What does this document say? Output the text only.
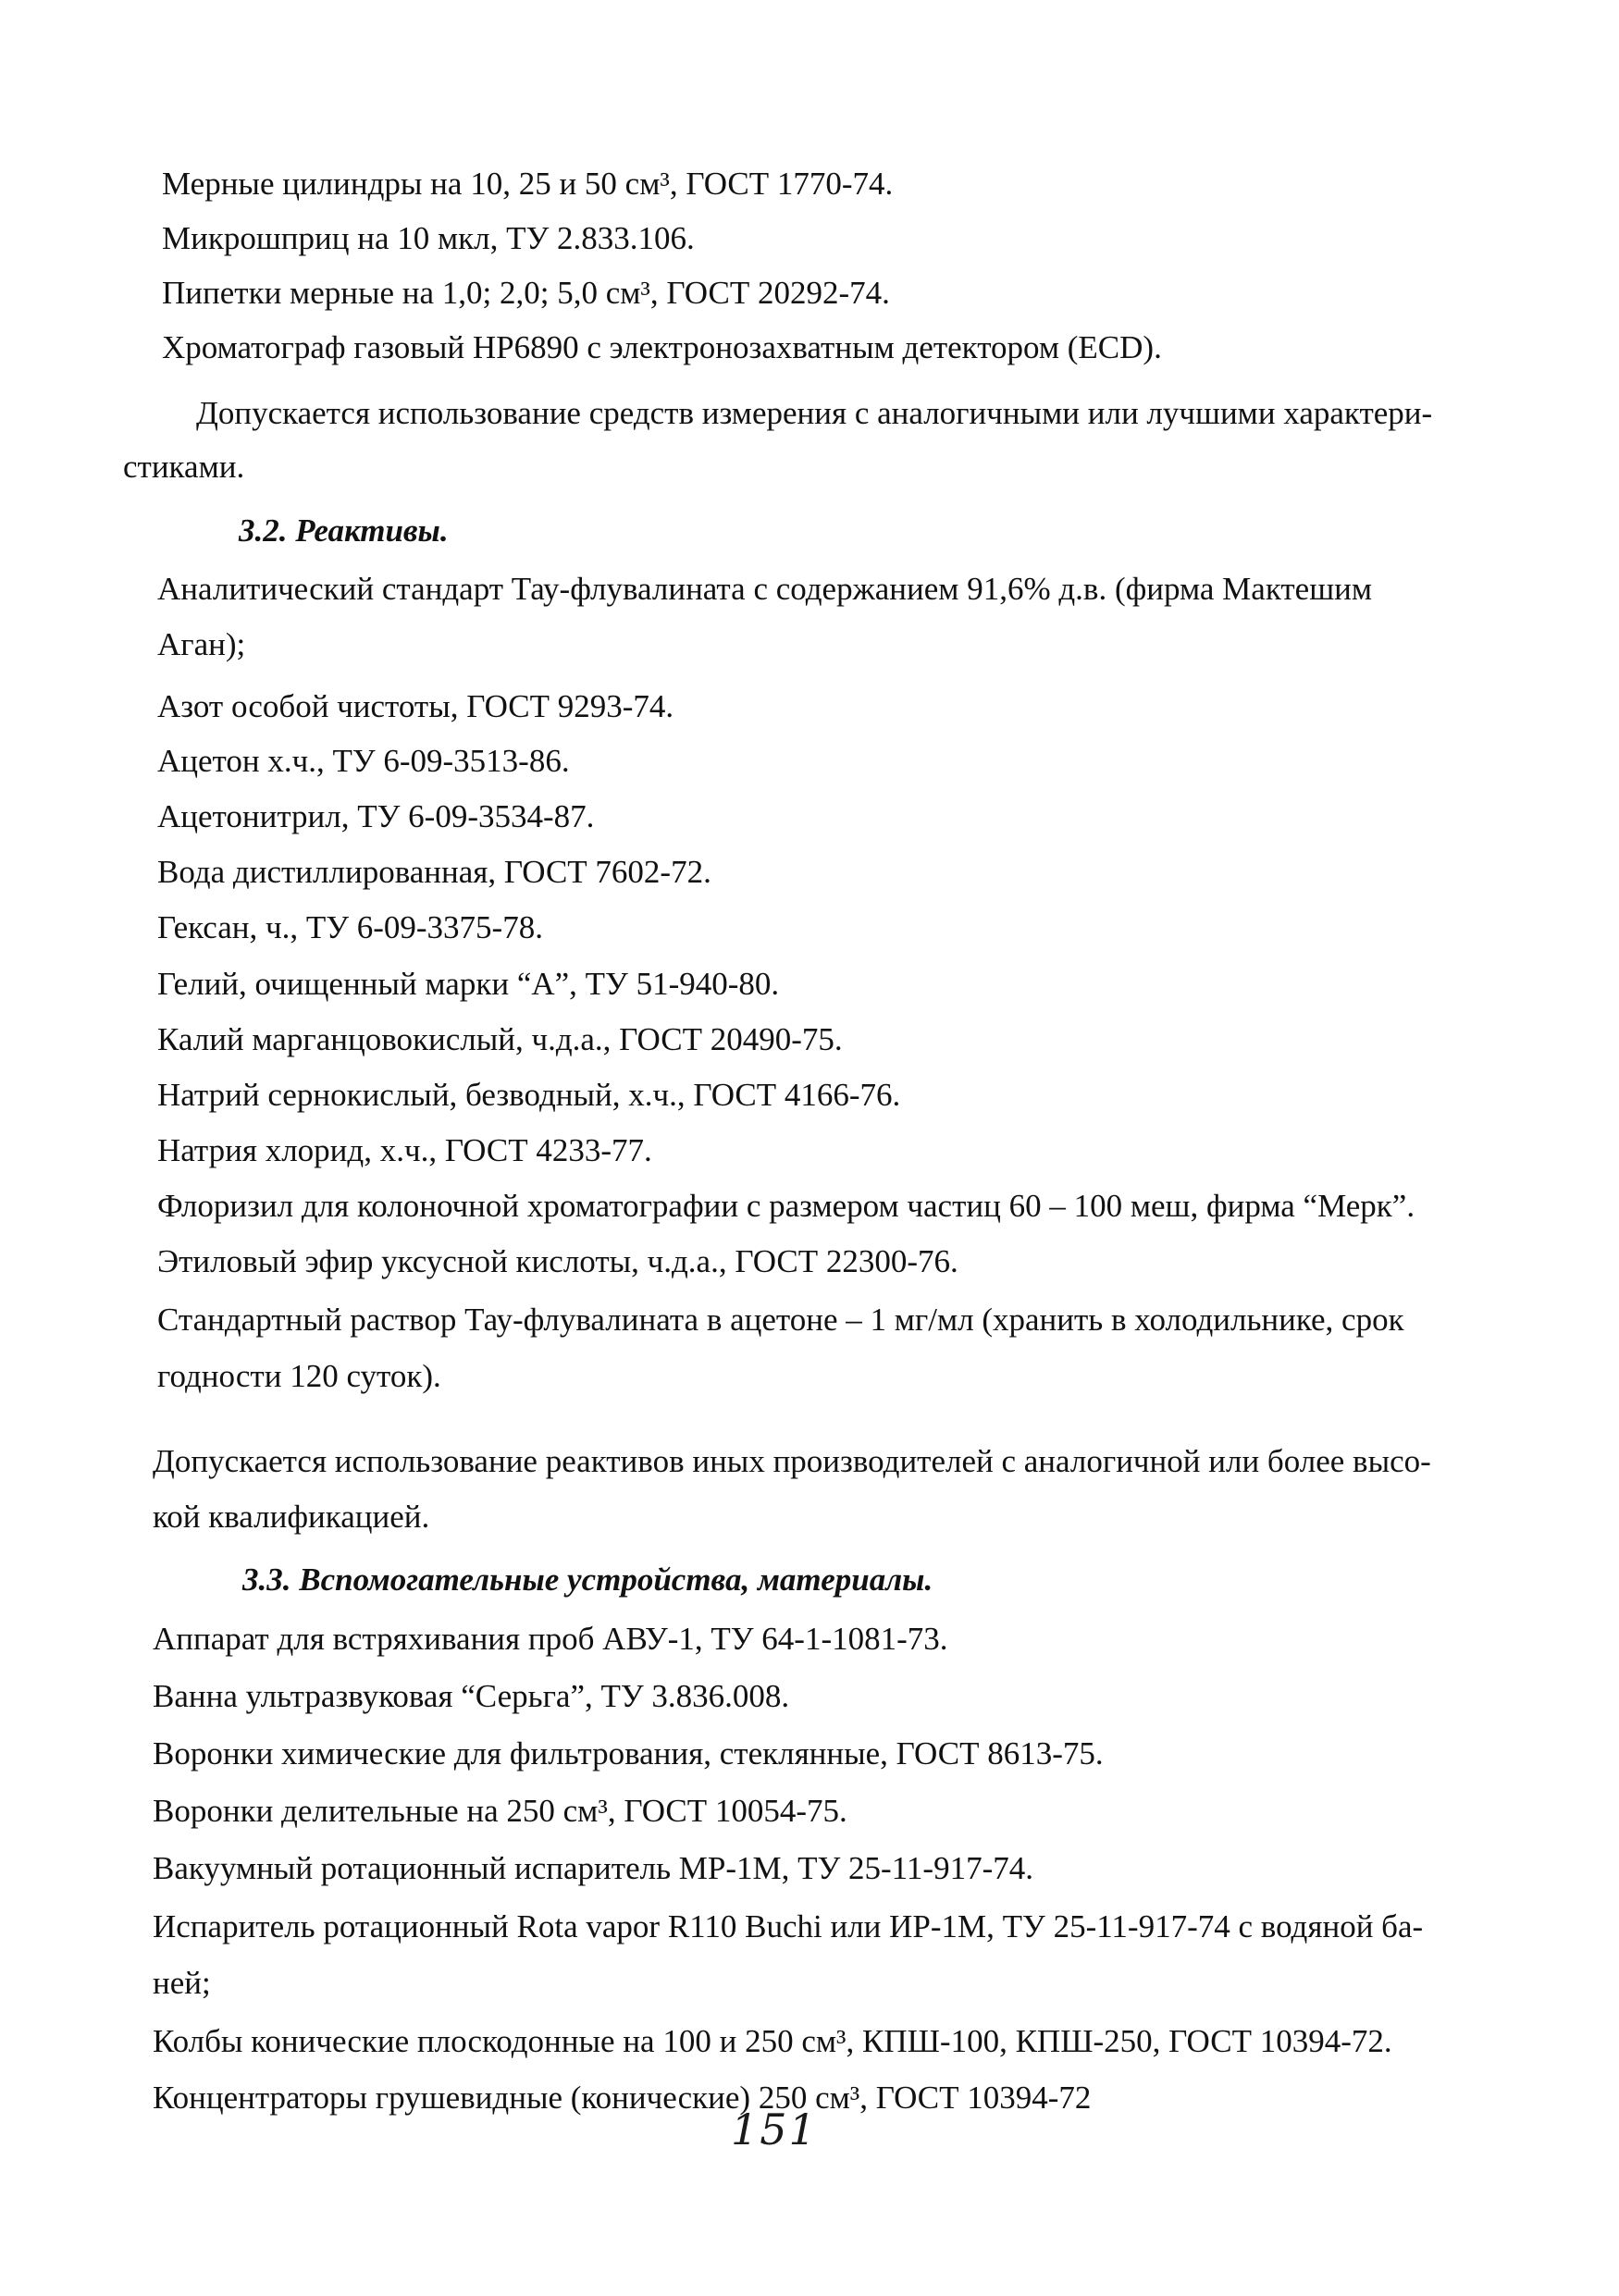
Мерные цилиндры на 10, 25 и 50 см³, ГОСТ 1770-74.

Микрошприц на 10 мкл, ТУ 2.833.106.

Пипетки мерные на 1,0; 2,0; 5,0 см³, ГОСТ 20292-74.

Хроматограф газовый HP6890 с электронозахватным детектором (ECD).

Допускается использование средств измерения с аналогичными или лучшими характери-

стиками.

3.2. Реактивы.

Аналитический стандарт Тау-флувалината с содержанием 91,6% д.в. (фирма Мактешим

Аган);

Азот особой чистоты, ГОСТ 9293-74.

Ацетон х.ч., ТУ 6-09-3513-86.

Ацетонитрил, ТУ 6-09-3534-87.

Вода дистиллированная, ГОСТ 7602-72.

Гексан, ч., ТУ 6-09-3375-78.

Гелий, очищенный марки “А”, ТУ 51-940-80.

Калий марганцовокислый, ч.д.а., ГОСТ 20490-75.

Натрий сернокислый, безводный, х.ч., ГОСТ 4166-76.

Натрия хлорид, х.ч., ГОСТ 4233-77.

Флоризил для колоночной хроматографии с размером частиц 60 – 100 меш, фирма “Мерк”.

Этиловый эфир уксусной кислоты, ч.д.а., ГОСТ 22300-76.

Стандартный раствор Тау-флувалината в ацетоне – 1 мг/мл (хранить в холодильнике, срок

годности 120 суток).

Допускается использование реактивов иных производителей с аналогичной или более высо-

кой квалификацией.

3.3. Вспомогательные устройства, материалы.

Аппарат для встряхивания проб АВУ-1, ТУ 64-1-1081-73.

Ванна ультразвуковая “Серьга”, ТУ 3.836.008.

Воронки химические для фильтрования, стеклянные, ГОСТ 8613-75.

Воронки делительные на 250 см³, ГОСТ 10054-75.

Вакуумный ротационный испаритель МР-1М, ТУ 25-11-917-74.

Испаритель ротационный Rota vapor R110 Buchi или ИР-1М, ТУ 25-11-917-74 с водяной ба-

ней;

Колбы конические плоскодонные на 100 и 250 см³, КПШ-100, КПШ-250, ГОСТ 10394-72.

Концентраторы грушевидные (конические) 250 см³, ГОСТ 10394-72

151
